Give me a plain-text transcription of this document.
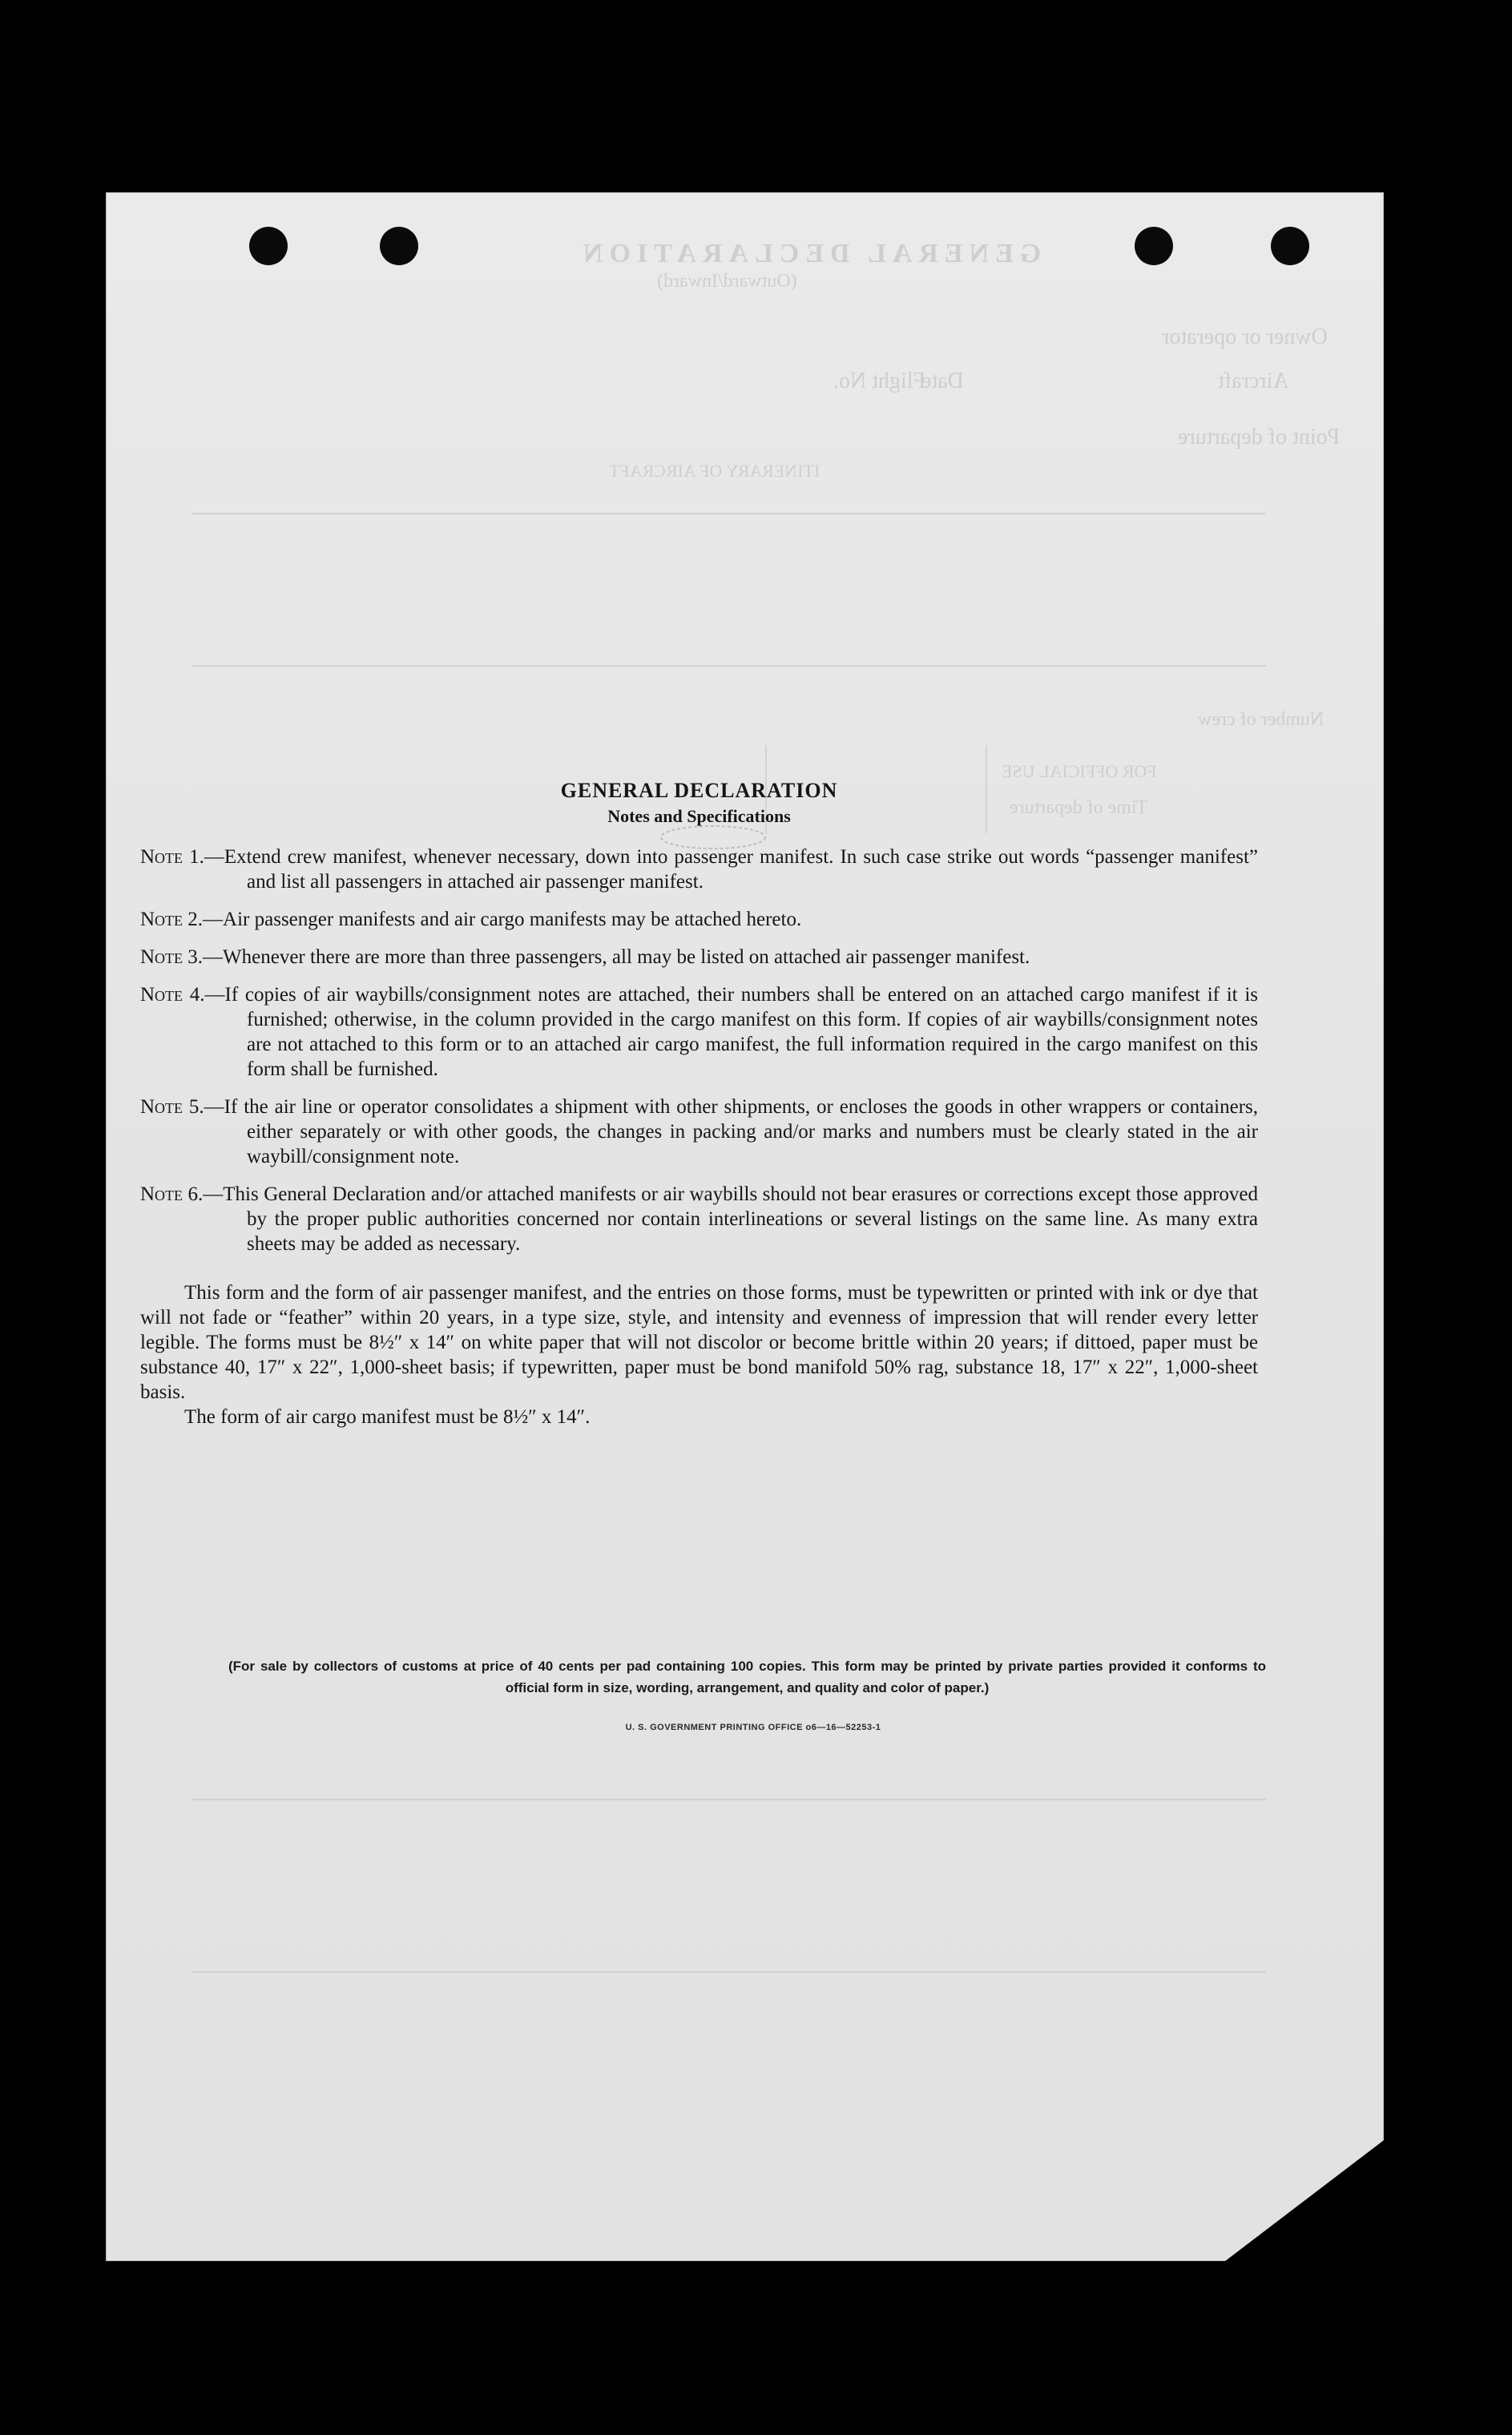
GENERAL DECLARATION
(Outward/Inward)
Owner or operator
Aircraft
Flight No.
Date
Point of departure
ITINERARY OF AIRCRAFT
Number of crew
FOR OFFICIAL USE
Time of departure
GENERAL DECLARATION
Notes and Specifications
Note 1.—Extend crew manifest, whenever necessary, down into passenger manifest. In such case strike out words “passenger manifest” and list all passengers in attached air passenger manifest.
Note 2.—Air passenger manifests and air cargo manifests may be attached hereto.
Note 3.—Whenever there are more than three passengers, all may be listed on attached air passenger manifest.
Note 4.—If copies of air waybills/consignment notes are attached, their numbers shall be entered on an attached cargo manifest if it is furnished; otherwise, in the column provided in the cargo manifest on this form. If copies of air waybills/consignment notes are not attached to this form or to an attached air cargo manifest, the full information required in the cargo manifest on this form shall be furnished.
Note 5.—If the air line or operator consolidates a shipment with other shipments, or encloses the goods in other wrappers or containers, either separately or with other goods, the changes in packing and/or marks and numbers must be clearly stated in the air waybill/consignment note.
Note 6.—This General Declaration and/or attached manifests or air waybills should not bear erasures or corrections except those approved by the proper public authorities concerned nor contain interlineations or several listings on the same line. As many extra sheets may be added as necessary.

This form and the form of air passenger manifest, and the entries on those forms, must be typewritten or printed with ink or dye that will not fade or “feather” within 20 years, in a type size, style, and intensity and evenness of impression that will render every letter legible. The forms must be 8½″ x 14″ on white paper that will not discolor or become brittle within 20 years; if dittoed, paper must be substance 40, 17″ x 22″, 1,000-sheet basis; if typewritten, paper must be bond manifold 50% rag, substance 18, 17″ x 22″, 1,000-sheet basis.

The form of air cargo manifest must be 8½″ x 14″.

(For sale by collectors of customs at price of 40 cents per pad containing 100 copies. This form may be printed by private parties provided it conforms to official form in size, wording, arrangement, and quality and color of paper.)
U. S. GOVERNMENT PRINTING OFFICE o6—16—52253-1
